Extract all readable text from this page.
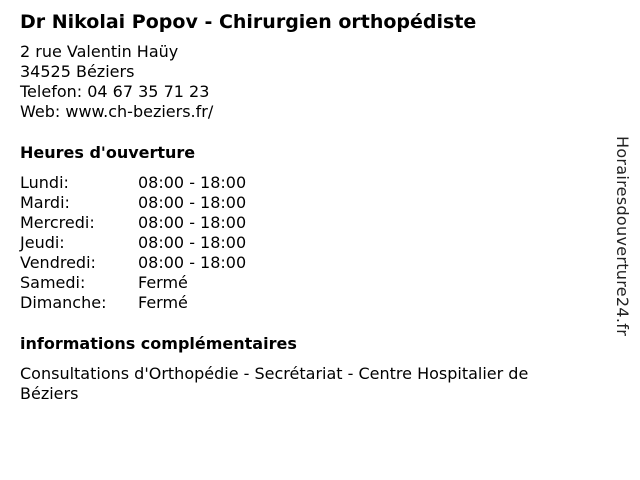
Dr Nikolai Popov - Chirurgien orthopédiste
2 rue Valentin Haüy
34525 Béziers
Telefon: 04 67 35 71 23
Web: www.ch-beziers.fr/
Heures d'ouverture
Lundi:	08:00 - 18:00
Mardi:	08:00 - 18:00
Mercredi:	08:00 - 18:00
Jeudi:	08:00 - 18:00
Vendredi:	08:00 - 18:00
Samedi:	Fermé
Dimanche:	Fermé
informations complémentaires
Consultations d'Orthopédie - Secrétariat - Centre Hospitalier de Béziers
Horairesdouverture24.fr
